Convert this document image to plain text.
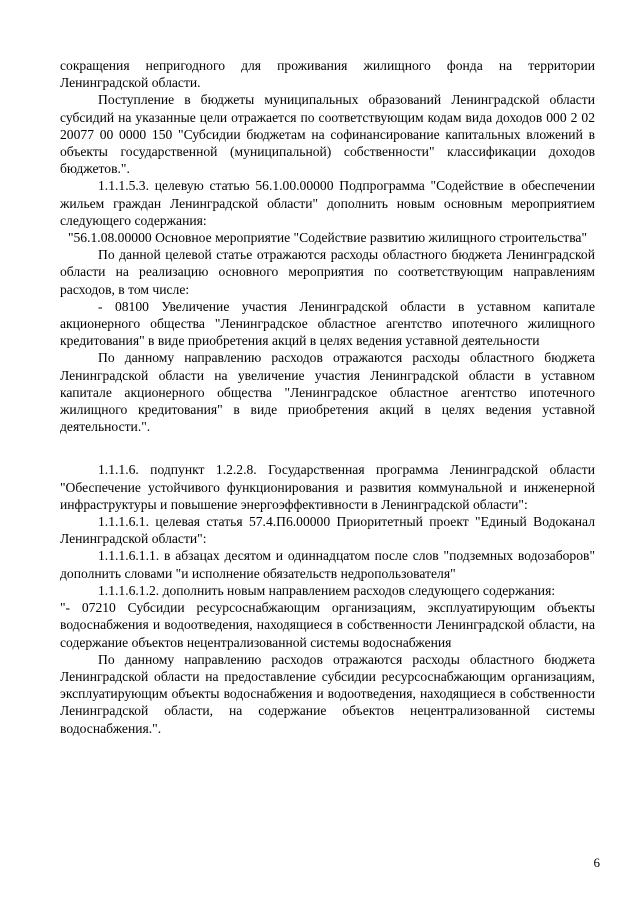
сокращения непригодного для проживания жилищного фонда на территории Ленинградской области.

Поступление в бюджеты муниципальных образований Ленинградской области субсидий на указанные цели отражается по соответствующим кодам вида доходов 000 2 02 20077 00 0000 150 "Субсидии бюджетам на софинансирование капитальных вложений в объекты государственной (муниципальной) собственности" классификации доходов бюджетов.".

1.1.1.5.3. целевую статью 56.1.00.00000 Подпрограмма "Содействие в обеспечении жильем граждан Ленинградской области" дополнить новым основным мероприятием следующего содержания:

"56.1.08.00000 Основное мероприятие "Содействие развитию жилищного строительства"

По данной целевой статье отражаются расходы областного бюджета Ленинградской области на реализацию основного мероприятия по соответствующим направлениям расходов, в том числе:

- 08100 Увеличение участия Ленинградской области в уставном капитале акционерного общества "Ленинградское областное агентство ипотечного жилищного кредитования" в виде приобретения акций в целях ведения уставной деятельности

По данному направлению расходов отражаются расходы областного бюджета Ленинградской области на увеличение участия Ленинградской области в уставном капитале акционерного общества "Ленинградское областное агентство ипотечного жилищного кредитования" в виде приобретения акций в целях ведения уставной деятельности.".

1.1.1.6. подпункт 1.2.2.8. Государственная программа Ленинградской области "Обеспечение устойчивого функционирования и развития коммунальной и инженерной инфраструктуры и повышение энергоэффективности в Ленинградской области":

1.1.1.6.1. целевая статья 57.4.П6.00000 Приоритетный проект "Единый Водоканал Ленинградской области":

1.1.1.6.1.1. в абзацах десятом и одиннадцатом после слов "подземных водозаборов" дополнить словами "и исполнение обязательств недропользователя"

1.1.1.6.1.2. дополнить новым направлением расходов следующего содержания:

"- 07210 Субсидии ресурсоснабжающим организациям, эксплуатирующим объекты водоснабжения и водоотведения, находящиеся в собственности Ленинградской области, на содержание объектов нецентрализованной системы водоснабжения

По данному направлению расходов отражаются расходы областного бюджета Ленинградской области на предоставление субсидии ресурсоснабжающим организациям, эксплуатирующим объекты водоснабжения и водоотведения, находящиеся в собственности Ленинградской области, на содержание объектов нецентрализованной системы водоснабжения.".

6
